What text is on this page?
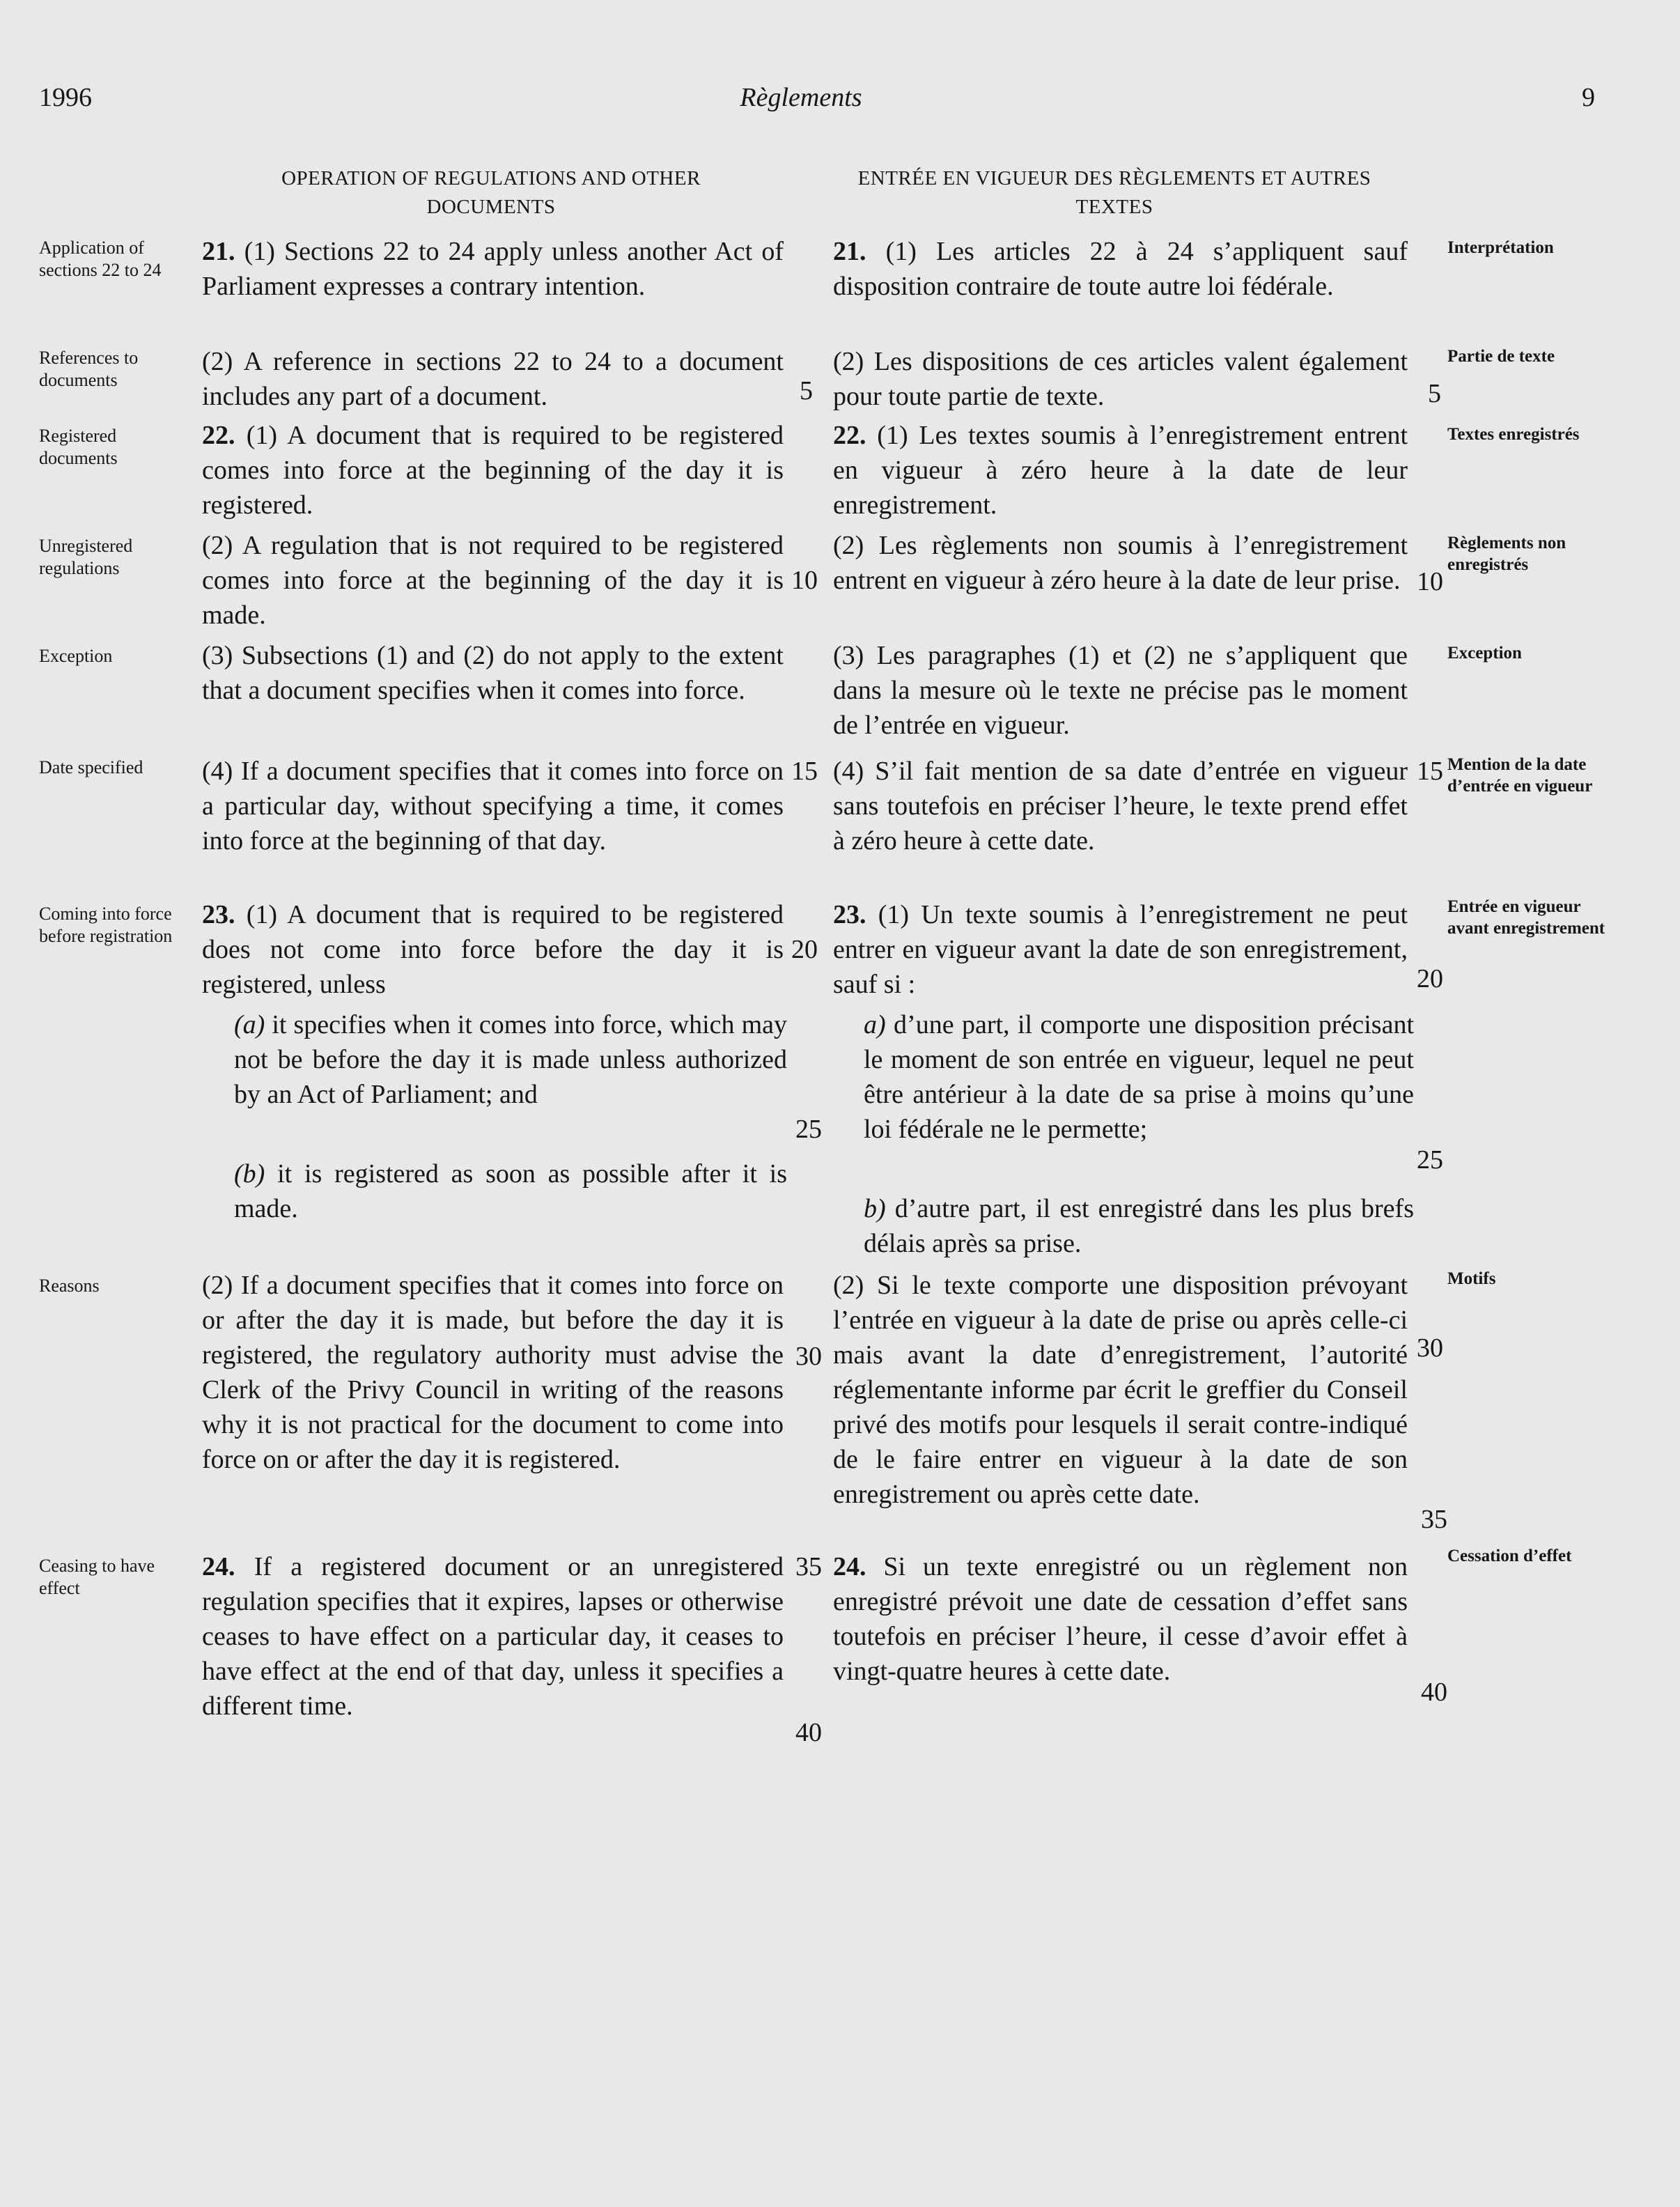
1996	Règlements	9
OPERATION OF REGULATIONS AND OTHER DOCUMENTS
ENTRÉE EN VIGUEUR DES RÈGLEMENTS ET AUTRES TEXTES

21. (1) Sections 22 to 24 apply unless another Act of Parliament expresses a contrary intention.

(2) A reference in sections 22 to 24 to a document includes any part of a document.

22. (1) A document that is required to be registered comes into force at the beginning of the day it is registered.

(2) A regulation that is not required to be registered comes into force at the beginning of the day it is made.

(3) Subsections (1) and (2) do not apply to the extent that a document specifies when it comes into force.

(4) If a document specifies that it comes into force on a particular day, without specifying a time, it comes into force at the beginning of that day.

23. (1) A document that is required to be registered does not come into force before the day it is registered, unless

(a) it specifies when it comes into force, which may not be before the day it is made unless authorized by an Act of Parliament; and

(b) it is registered as soon as possible after it is made.

(2) If a document specifies that it comes into force on or after the day it is made, but before the day it is registered, the regulatory authority must advise the Clerk of the Privy Council in writing of the reasons why it is not practical for the document to come into force on or after the day it is registered.

24. If a registered document or an unregistered regulation specifies that it expires, lapses or otherwise ceases to have effect on a particular day, it ceases to have effect at the end of that day, unless it specifies a different time.

21. (1) Les articles 22 à 24 s’appliquent sauf disposition contraire de toute autre loi fédérale.

(2) Les dispositions de ces articles valent également pour toute partie de texte.

22. (1) Les textes soumis à l’enregistrement entrent en vigueur à zéro heure à la date de leur enregistrement.

(2) Les règlements non soumis à l’enregistrement entrent en vigueur à zéro heure à la date de leur prise.

(3) Les paragraphes (1) et (2) ne s’appliquent que dans la mesure où le texte ne précise pas le moment de l’entrée en vigueur.

(4) S’il fait mention de sa date d’entrée en vigueur sans toutefois en préciser l’heure, le texte prend effet à zéro heure à cette date.

23. (1) Un texte soumis à l’enregistrement ne peut entrer en vigueur avant la date de son enregistrement, sauf si :

a) d’une part, il comporte une disposition précisant le moment de son entrée en vigueur, lequel ne peut être antérieur à la date de sa prise à moins qu’une loi fédérale ne le permette;

b) d’autre part, il est enregistré dans les plus brefs délais après sa prise.

(2) Si le texte comporte une disposition prévoyant l’entrée en vigueur à la date de prise ou après celle-ci mais avant la date d’enregistrement, l’autorité réglementante informe par écrit le greffier du Conseil privé des motifs pour lesquels il serait contre-indiqué de le faire entrer en vigueur à la date de son enregistrement ou après cette date.

24. Si un texte enregistré ou un règlement non enregistré prévoit une date de cessation d’effet sans toutefois en préciser l’heure, il cesse d’avoir effet à vingt-quatre heures à cette date.

Application of sections 22 to 24
References to documents
Registered documents
Unregistered regulations
Exception
Date specified
Coming into force before registration
Reasons
Ceasing to have effect
Interprétation
Partie de texte
Textes enregistrés
Règlements non enregistrés
Exception
Mention de la date d’entrée en vigueur
Entrée en vigueur avant enregistrement
Motifs
Cessation d’effet
5
10
15
20
25
30
35
40
5
10
15
20
25
30
35
40
